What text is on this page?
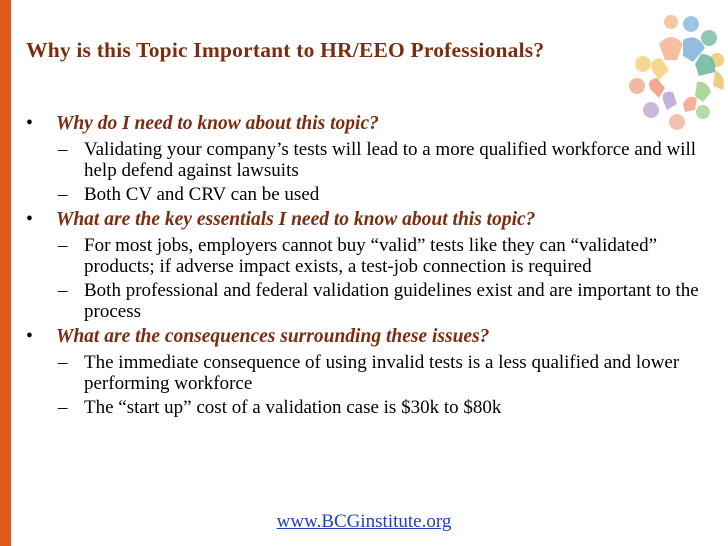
Why is this Topic Important to HR/EEO Professionals?

• Why do I need to know about this topic?

– Validating your company’s tests will lead to a more qualified workforce and will help defend against lawsuits

– Both CV and CRV can be used

• What are the key essentials I need to know about this topic?

– For most jobs, employers cannot buy “valid” tests like they can “validated” products; if adverse impact exists, a test-job connection is required

– Both professional and federal validation guidelines exist and are important to the process

• What are the consequences surrounding these issues?

– The immediate consequence of using invalid tests is a less qualified and lower performing workforce

– The “start up” cost of a validation case is $30k to $80k

www.BCGinstitute.org
